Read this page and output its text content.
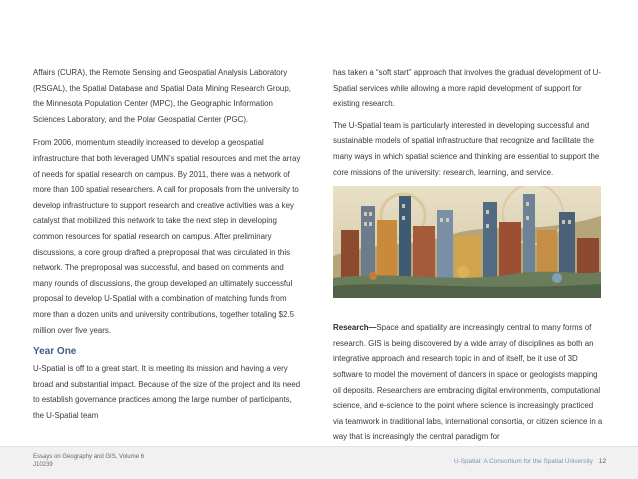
Affairs (CURA), the Remote Sensing and Geospatial Analysis Laboratory (RSGAL), the Spatial Database and Spatial Data Mining Research Group, the Minnesota Population Center (MPC), the Geographic Information Sciences Laboratory, and the Polar Geospatial Center (PGC).

From 2006, momentum steadily increased to develop a geospatial infrastructure that both leveraged UMN’s spatial resources and met the array of needs for spatial research on campus. By 2011, there was a network of more than 100 spatial researchers. A call for proposals from the university to develop infrastructure to support research and creative activities was a key catalyst that mobilized this network to take the next step in developing common resources for spatial research on campus. After preliminary discussions, a core group drafted a preproposal that was circulated in this network. The preproposal was successful, and based on comments and many rounds of discussions, the group developed an ultimately successful proposal to develop U-Spatial with a combination of matching funds from more than a dozen units and university contributions, together totaling $2.5 million over five years.

Year One

U-Spatial is off to a great start. It is meeting its mission and having a very broad and substantial impact. Because of the size of the project and its need to establish governance practices among the large number of participants, the U-Spatial team

has taken a “soft start” approach that involves the gradual development of U-Spatial services while allowing a more rapid development of support for existing research.

The U-Spatial team is particularly interested in developing successful and sustainable models of spatial infrastructure that recognize and facilitate the many ways in which spatial science and thinking are essential to support the core missions of the university: research, learning, and service.

Research—Space and spatiality are increasingly central to many forms of research. GIS is being discovered by a wide array of disciplines as both an integrative approach and research topic in and of itself, be it use of 3D software to model the movement of dancers in space or geologists mapping oil deposits. Researchers are embracing digital environments, computational science, and e-science to the point where science is increasingly practiced via teamwork in traditional labs, international consortia, or citizen science in a way that is increasingly the central paradigm for

Essays on Geography and GIS, Volume 6
J10239	U-Spatial: A Consortium for the Spatial University 12
